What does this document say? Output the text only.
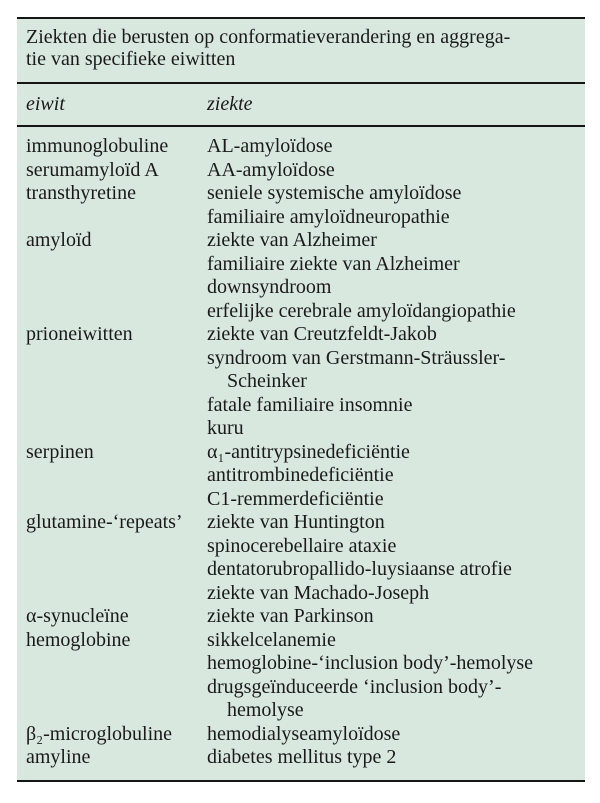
Ziekten die berusten op conformatieverandering en aggrega-
tie van specifieke eiwitten
eiwit	ziekte
immunoglobuline	AL-amyloïdose
serumamyloïd A	AA-amyloïdose
transthyretine	seniele systemische amyloïdose
familiaire amyloïdneuropathie
amyloïd	ziekte van Alzheimer
familiaire ziekte van Alzheimer
downsyndroom
erfelijke cerebrale amyloïdangiopathie
prioneiwitten	ziekte van Creutzfeldt-Jakob
syndroom van Gerstmann-Sträussler-
Scheinker
fatale familiaire insomnie
kuru
serpinen	α₁-antitrypsinedeficiëntie
antitrombinedeficiëntie
C1-remmerdeficiëntie
glutamine-‘repeats’	ziekte van Huntington
spinocerebellaire ataxie
dentatorubropallido-luysiaanse atrofie
ziekte van Machado-Joseph
α-synucleïne	ziekte van Parkinson
hemoglobine	sikkelcelanemie
hemoglobine-‘inclusion body’-hemolyse
drugsgeïnduceerde ‘inclusion body’-
hemolyse
β₂-microglobuline	hemodialyseamyloïdose
amyline	diabetes mellitus type 2
